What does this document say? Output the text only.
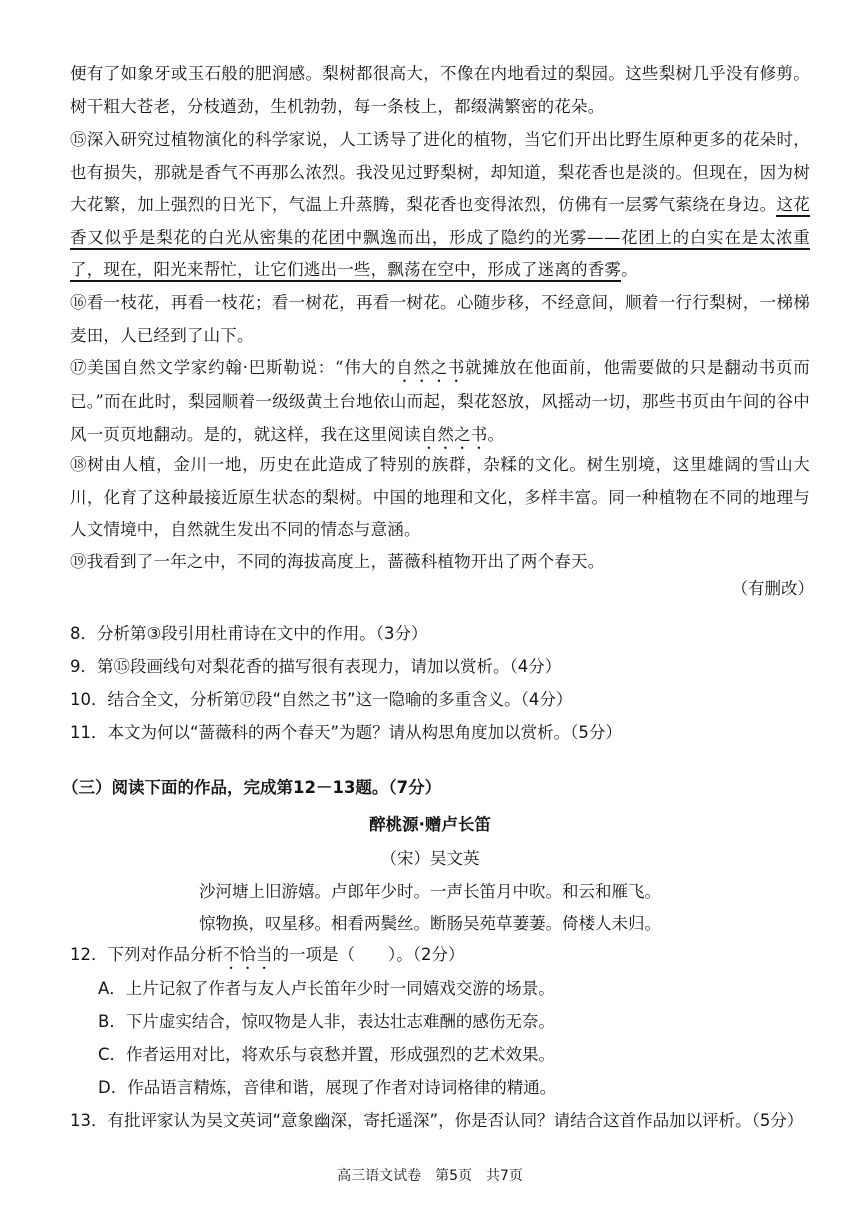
便有了如象牙或玉石般的肥润感。梨树都很高大，不像在内地看过的梨园。这些梨树几乎没有修剪。树干粗大苍老，分枝遒劲，生机勃勃，每一条枝上，都缀满繁密的花朵。
⑮深入研究过植物演化的科学家说，人工诱导了进化的植物，当它们开出比野生原种更多的花朵时，也有损失，那就是香气不再那么浓烈。我没见过野梨树，却知道，梨花香也是淡的。但现在，因为树大花繁，加上强烈的日光下，气温上升蒸腾，梨花香也变得浓烈，仿佛有一层雾气萦绕在身边。这花香又似乎是梨花的白光从密集的花团中飘逸而出，形成了隐约的光雾——花团上的白实在是太浓重了，现在，阳光来帮忙，让它们逃出一些，飘荡在空中，形成了迷离的香雾。
⑯看一枝花，再看一枝花；看一树花，再看一树花。心随步移，不经意间，顺着一行行梨树，一梯梯麦田，人已经到了山下。
⑰美国自然文学家约翰·巴斯勒说：“伟大的自然之书就摊放在他面前，他需要做的只是翻动书页而已。”而在此时，梨园顺着一级级黄土台地依山而起，梨花怒放，风摇动一切，那些书页由午间的谷中风一页页地翻动。是的，就这样，我在这里阅读自然之书。
⑱树由人植，金川一地，历史在此造成了特别的族群，杂糅的文化。树生别境，这里雄阔的雪山大川，化育了这种最接近原生状态的梨树。中国的地理和文化，多样丰富。同一种植物在不同的地理与人文情境中，自然就生发出不同的情态与意涵。
⑲我看到了一年之中，不同的海拔高度上，蔷薇科植物开出了两个春天。
（有删改）
8．分析第③段引用杜甫诗在文中的作用。（3分）
9．第⑮段画线句对梨花香的描写很有表现力，请加以赏析。（4分）
10．结合全文，分析第⑰段“自然之书”这一隐喻的多重含义。（4分）
11．本文为何以“蔷薇科的两个春天”为题？请从构思角度加以赏析。（5分）
（三）阅读下面的作品，完成第12－13题。（7分）
醉桃源·赠卢长笛
（宋）吴文英
沙河塘上旧游嬉。卢郎年少时。一声长笛月中吹。和云和雁飞。
惊物换，叹星移。相看两鬓丝。断肠吴苑草萋萋。倚楼人未归。
12．下列对作品分析不恰当的一项是（　　）。（2分）
A．上片记叙了作者与友人卢长笛年少时一同嬉戏交游的场景。
B．下片虚实结合，惊叹物是人非，表达壮志难酬的感伤无奈。
C．作者运用对比，将欢乐与哀愁并置，形成强烈的艺术效果。
D．作品语言精炼，音律和谐，展现了作者对诗词格律的精通。
13．有批评家认为吴文英词“意象幽深，寄托遥深”，你是否认同？请结合这首作品加以评析。（5分）
高三语文试卷　第5页　共7页
